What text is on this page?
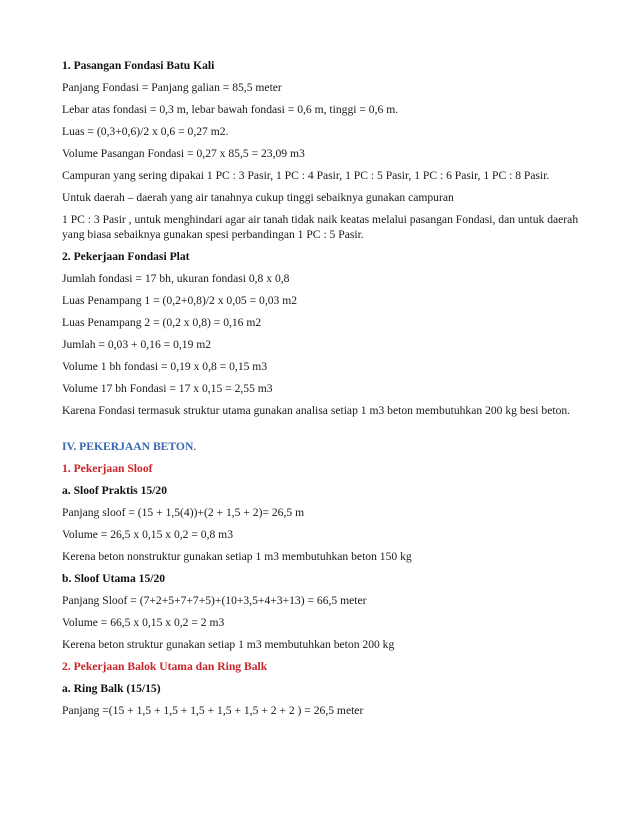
1. Pasangan Fondasi Batu Kali
Panjang Fondasi = Panjang galian = 85,5 meter
Lebar atas fondasi = 0,3 m, lebar bawah fondasi = 0,6 m, tinggi = 0,6 m.
Luas = (0,3+0,6)/2 x 0,6 = 0,27 m2.
Volume Pasangan Fondasi = 0,27 x 85,5 = 23,09 m3
Campuran yang sering dipakai 1 PC : 3 Pasir, 1 PC : 4 Pasir, 1 PC : 5 Pasir, 1 PC : 6 Pasir, 1 PC : 8 Pasir.
Untuk daerah – daerah yang air tanahnya cukup tinggi sebaiknya gunakan campuran
1 PC : 3 Pasir , untuk menghindari agar air tanah tidak naik keatas melalui pasangan Fondasi, dan untuk daerah yang biasa sebaiknya gunakan spesi perbandingan 1 PC : 5 Pasir.
2. Pekerjaan Fondasi Plat
Jumlah fondasi = 17 bh, ukuran fondasi 0,8 x 0,8
Luas Penampang 1 = (0,2+0,8)/2 x 0,05 = 0,03 m2
Luas Penampang 2 = (0,2 x 0,8) = 0,16 m2
Jumlah = 0,03 + 0,16 = 0,19 m2
Volume 1 bh fondasi = 0,19 x 0,8 = 0,15 m3
Volume 17 bh Fondasi = 17 x 0,15 = 2,55 m3
Karena Fondasi termasuk struktur utama gunakan analisa setiap 1 m3 beton membutuhkan 200 kg besi beton.
IV. PEKERJAAN BETON.
1. Pekerjaan Sloof
a. Sloof Praktis 15/20
Panjang sloof = (15 + 1,5(4))+(2 + 1,5 + 2)= 26,5 m
Volume = 26,5 x 0,15 x 0,2 = 0,8 m3
Kerena beton nonstruktur gunakan setiap 1 m3 membutuhkan beton 150 kg
b. Sloof Utama 15/20
Panjang Sloof = (7+2+5+7+7+5)+(10+3,5+4+3+13) = 66,5 meter
Volume = 66,5 x 0,15 x 0,2 = 2 m3
Kerena beton struktur gunakan setiap 1 m3 membutuhkan beton 200 kg
2. Pekerjaan Balok Utama dan Ring Balk
a. Ring Balk (15/15)
Panjang =(15 + 1,5 + 1,5 + 1,5 + 1,5 + 1,5 + 2 + 2 ) = 26,5 meter
